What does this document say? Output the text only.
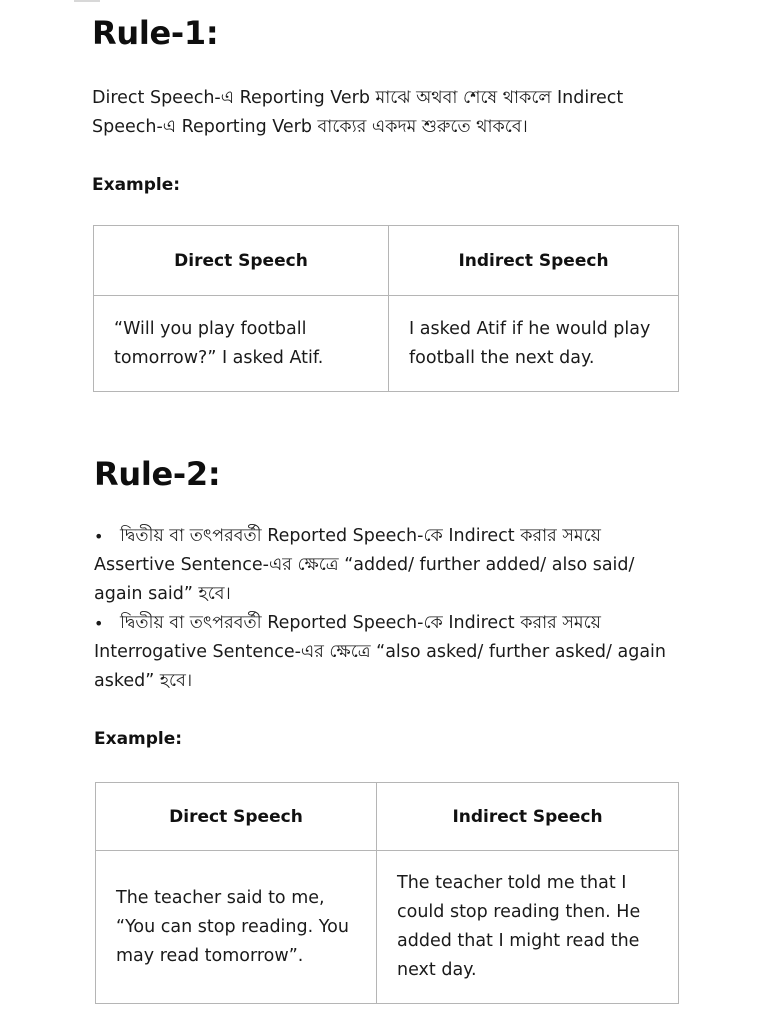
Rule-1:

Direct Speech-এ Reporting Verb মাঝে অথবা শেষে থাকলে Indirect Speech-এ Reporting Verb বাক্যের একদম শুরুতে থাকবে।

Example:

Direct Speech	Indirect Speech
“Will you play football tomorrow?” I asked Atif.	I asked Atif if he would play football the next day.
Rule-2:
• দ্বিতীয় বা তৎপরবর্তী Reported Speech-কে Indirect করার সময়ে Assertive Sentence-এর ক্ষেত্রে “added/ further added/ also said/ again said” হবে।
• দ্বিতীয় বা তৎপরবর্তী Reported Speech-কে Indirect করার সময়ে Interrogative Sentence-এর ক্ষেত্রে “also asked/ further asked/ again asked” হবে।

Example:

Direct Speech	Indirect Speech
The teacher said to me, “You can stop reading. You may read tomorrow”.	The teacher told me that I could stop reading then. He added that I might read the next day.
